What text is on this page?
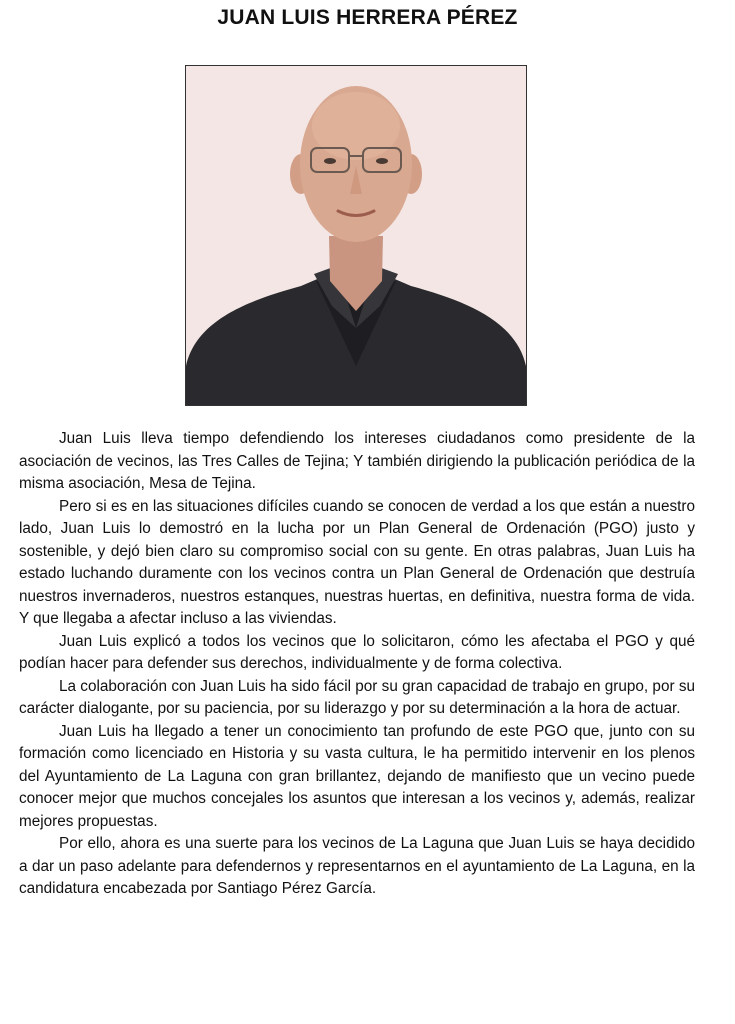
JUAN LUIS HERRERA PÉREZ

Juan Luis lleva tiempo defendiendo los intereses ciudadanos como presidente de la asociación de vecinos, las Tres Calles de Tejina; Y también dirigiendo la publicación periódica de la misma asociación, Mesa de Tejina.

Pero si es en las situaciones difíciles cuando se conocen de verdad a los que están a nuestro lado, Juan Luis lo demostró en la lucha por un Plan General de Ordenación (PGO) justo y sostenible, y dejó bien claro su compromiso social con su gente. En otras palabras, Juan Luis ha estado luchando duramente con los vecinos contra un Plan General de Ordenación que destruía nuestros invernaderos, nuestros estanques, nuestras huertas, en definitiva, nuestra forma de vida. Y que llegaba a afectar incluso a las viviendas.

Juan Luis explicó a todos los vecinos que lo solicitaron, cómo les afectaba el PGO y qué podían hacer para defender sus derechos, individualmente y de forma colectiva.

La colaboración con Juan Luis ha sido fácil por su gran capacidad de trabajo en grupo, por su carácter dialogante, por su paciencia, por su liderazgo y por su determinación a la hora de actuar.

Juan Luis ha llegado a tener un conocimiento tan profundo de este PGO que, junto con su formación como licenciado en Historia y su vasta cultura, le ha permitido intervenir en los plenos del Ayuntamiento de La Laguna con gran brillantez, dejando de manifiesto que un vecino puede conocer mejor que muchos concejales los asuntos que interesan a los vecinos y, además, realizar mejores propuestas.

Por ello, ahora es una suerte para los vecinos de La Laguna que Juan Luis se haya decidido a dar un paso adelante para defendernos y representarnos en el ayuntamiento de La Laguna, en la candidatura encabezada por Santiago Pérez García.
